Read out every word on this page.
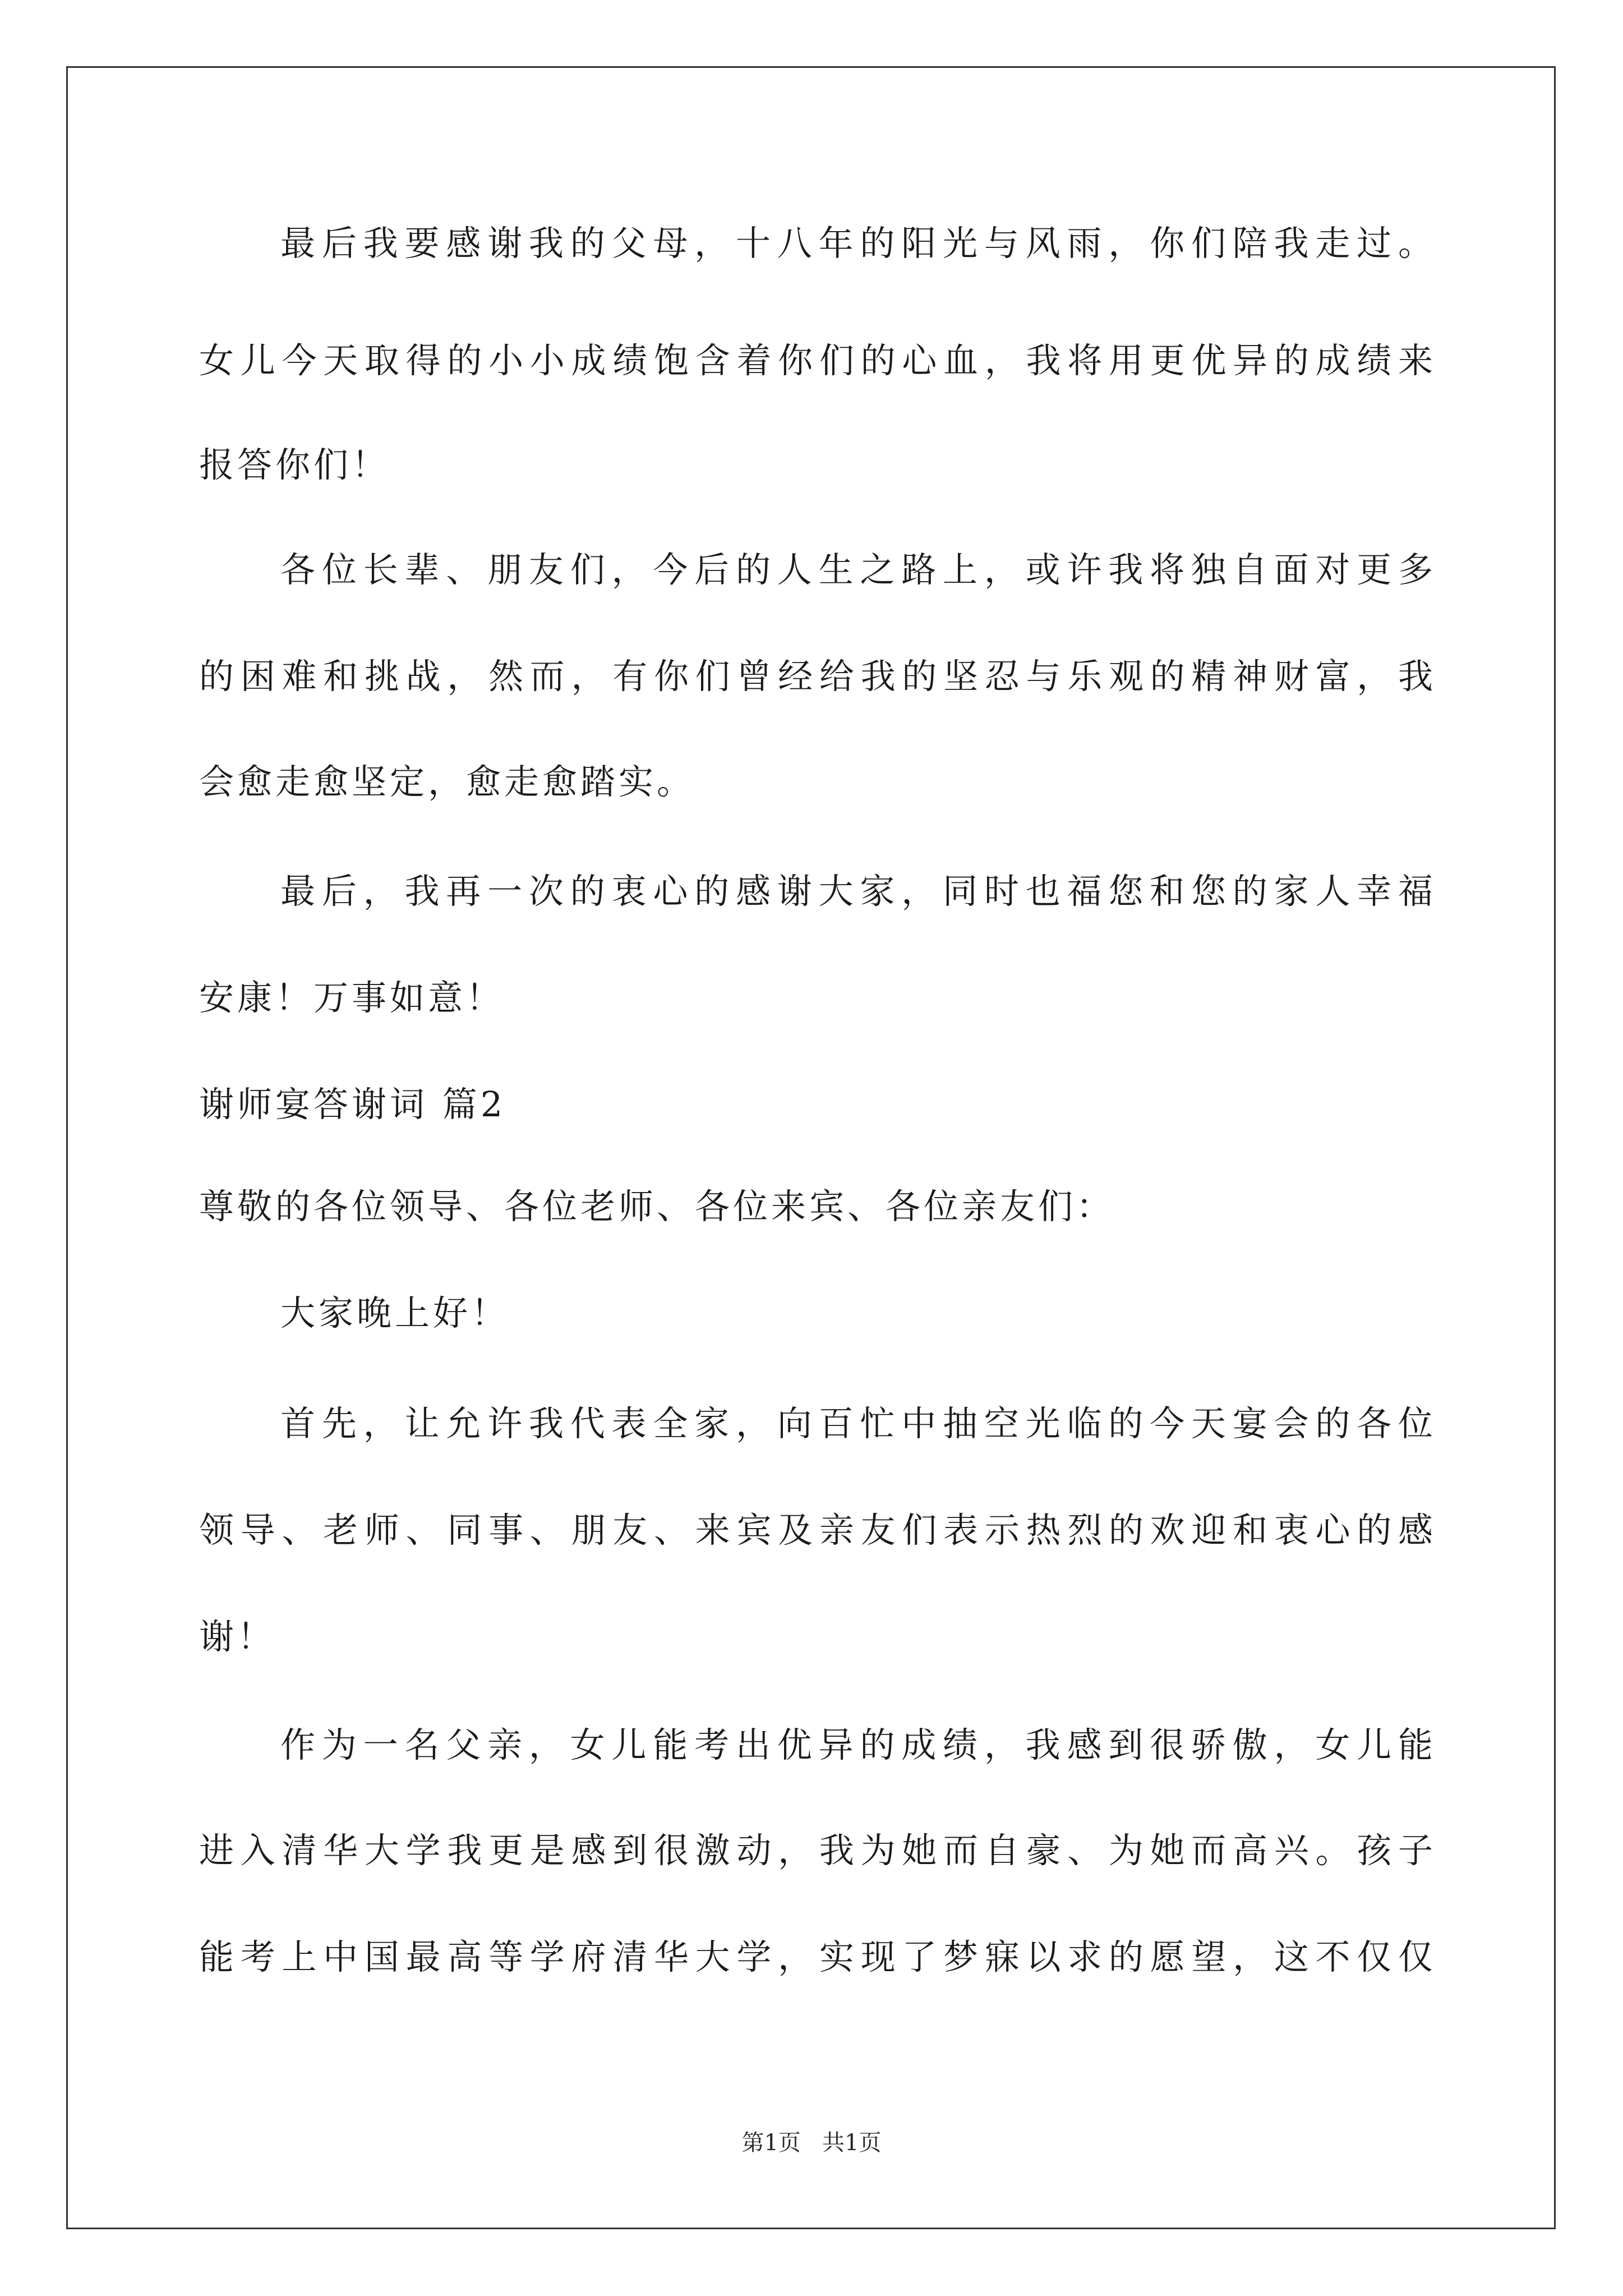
最后我要感谢我的父母，十八年的阳光与风雨，你们陪我走过。
女儿今天取得的小小成绩饱含着你们的心血，我将用更优异的成绩来
报答你们！
各位长辈、朋友们，今后的人生之路上，或许我将独自面对更多
的困难和挑战，然而，有你们曾经给我的坚忍与乐观的精神财富，我
会愈走愈坚定，愈走愈踏实。
最后，我再一次的衷心的感谢大家，同时也福您和您的家人幸福
安康！万事如意！
谢师宴答谢词 篇2
尊敬的各位领导、各位老师、各位来宾、各位亲友们：
大家晚上好！
首先，让允许我代表全家，向百忙中抽空光临的今天宴会的各位
领导、老师、同事、朋友、来宾及亲友们表示热烈的欢迎和衷心的感
谢！
作为一名父亲，女儿能考出优异的成绩，我感到很骄傲，女儿能
进入清华大学我更是感到很激动，我为她而自豪、为她而高兴。孩子
能考上中国最高等学府清华大学，实现了梦寐以求的愿望，这不仅仅
第1页   共1页
